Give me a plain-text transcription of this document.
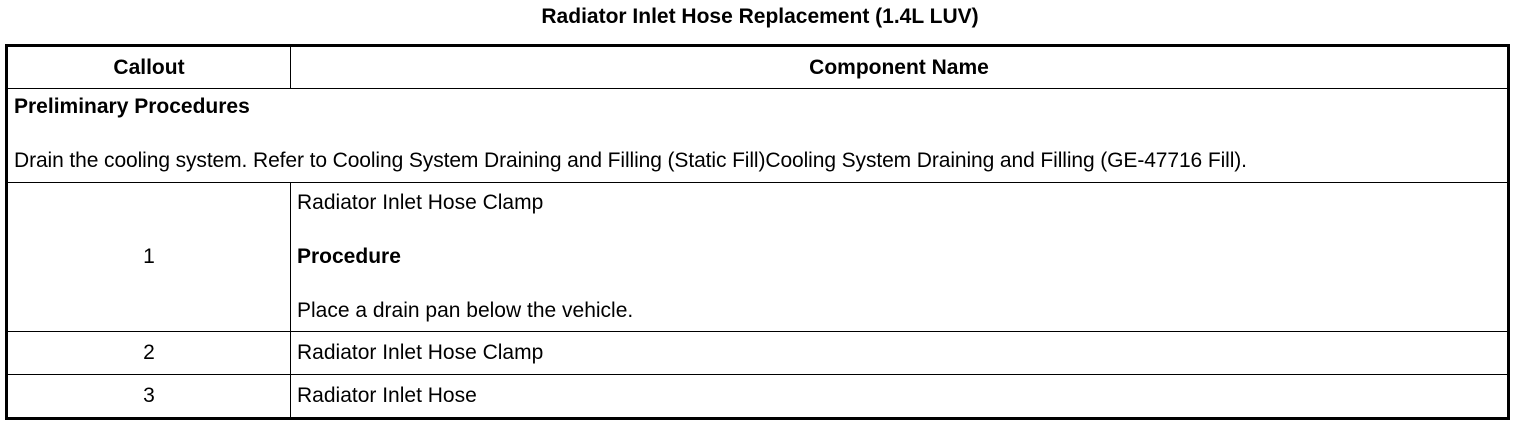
Radiator Inlet Hose Replacement (1.4L LUV)
Callout	Component Name

Preliminary Procedures
Drain the cooling system. Refer to Cooling System Draining and Filling (Static Fill)Cooling System Draining and Filling (GE-47716 Fill).	

1	Radiator Inlet Hose Clamp
Procedure
Place a drain pan below the vehicle.

2	Radiator Inlet Hose Clamp
3	Radiator Inlet Hose
